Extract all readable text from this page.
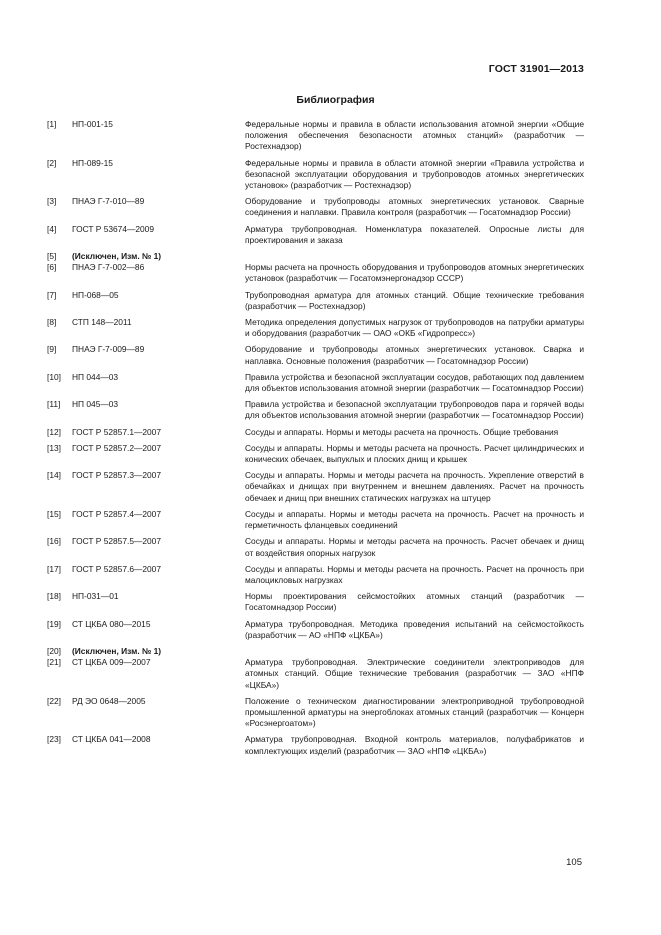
ГОСТ 31901—2013
Библиография
[1]	НП-001-15	Федеральные нормы и правила в области использования атомной энергии «Общие положения обеспечения безопасности атомных станций» (разработчик — Ростехнадзор)
[2]	НП-089-15	Федеральные нормы и правила в области атомной энергии «Правила устройства и безопасной эксплуатации оборудования и трубопроводов атомных энергетических установок» (разработчик — Ростехнадзор)
[3]	ПНАЭ Г-7-010—89	Оборудование и трубопроводы атомных энергетических установок. Сварные соединения и наплавки. Правила контроля (разработчик — Госатомнадзор России)
[4]	ГОСТ Р 53674—2009	Арматура трубопроводная. Номенклатура показателей. Опросные листы для проектирования и заказа
[5]	(Исключен, Изм. № 1)
[6]	ПНАЭ Г-7-002—86	Нормы расчета на прочность оборудования и трубопроводов атомных энергетических установок (разработчик — Госатомэнергонадзор СССР)
[7]	НП-068—05	Трубопроводная арматура для атомных станций. Общие технические требования (разработчик — Ростехнадзор)
[8]	СТП 148—2011	Методика определения допустимых нагрузок от трубопроводов на патрубки арматуры и оборудования (разработчик — ОАО «ОКБ «Гидропресс»)
[9]	ПНАЭ Г-7-009—89	Оборудование и трубопроводы атомных энергетических установок. Сварка и наплавка. Основные положения (разработчик — Госатомнадзор России)
[10]	НП 044—03	Правила устройства и безопасной эксплуатации сосудов, работающих под давлением для объектов использования атомной энергии (разработчик — Госатомнадзор России)
[11]	НП 045—03	Правила устройства и безопасной эксплуатации трубопроводов пара и горячей воды для объектов использования атомной энергии (разработчик — Госатомнадзор России)
[12]	ГОСТ Р 52857.1—2007	Сосуды и аппараты. Нормы и методы расчета на прочность. Общие требования
[13]	ГОСТ Р 52857.2—2007	Сосуды и аппараты. Нормы и методы расчета на прочность. Расчет цилиндрических и конических обечаек, выпуклых и плоских днищ и крышек
[14]	ГОСТ Р 52857.3—2007	Сосуды и аппараты. Нормы и методы расчета на прочность. Укрепление отверстий в обечайках и днищах при внутреннем и внешнем давлениях. Расчет на прочность обечаек и днищ при внешних статических нагрузках на штуцер
[15]	ГОСТ Р 52857.4—2007	Сосуды и аппараты. Нормы и методы расчета на прочность. Расчет на прочность и герметичность фланцевых соединений
[16]	ГОСТ Р 52857.5—2007	Сосуды и аппараты. Нормы и методы расчета на прочность. Расчет обечаек и днищ от воздействия опорных нагрузок
[17]	ГОСТ Р 52857.6—2007	Сосуды и аппараты. Нормы и методы расчета на прочность. Расчет на прочность при малоцикловых нагрузках
[18]	НП-031—01	Нормы проектирования сейсмостойких атомных станций (разработчик — Госатомнадзор России)
[19]	СТ ЦКБА 080—2015	Арматура трубопроводная. Методика проведения испытаний на сейсмостойкость (разработчик — АО «НПФ «ЦКБА»)
[20]	(Исключен, Изм. № 1)
[21]	СТ ЦКБА 009—2007	Арматура трубопроводная. Электрические соединители электроприводов для атомных станций. Общие технические требования (разработчик — ЗАО «НПФ «ЦКБА»)
[22]	РД ЭО 0648—2005	Положение о техническом диагностировании электроприводной трубопроводной промышленной арматуры на энергоблоках атомных станций (разработчик — Концерн «Росэнергоатом»)
[23]	СТ ЦКБА 041—2008	Арматура трубопроводная. Входной контроль материалов, полуфабрикатов и комплектующих изделий (разработчик — ЗАО «НПФ «ЦКБА»)
105
